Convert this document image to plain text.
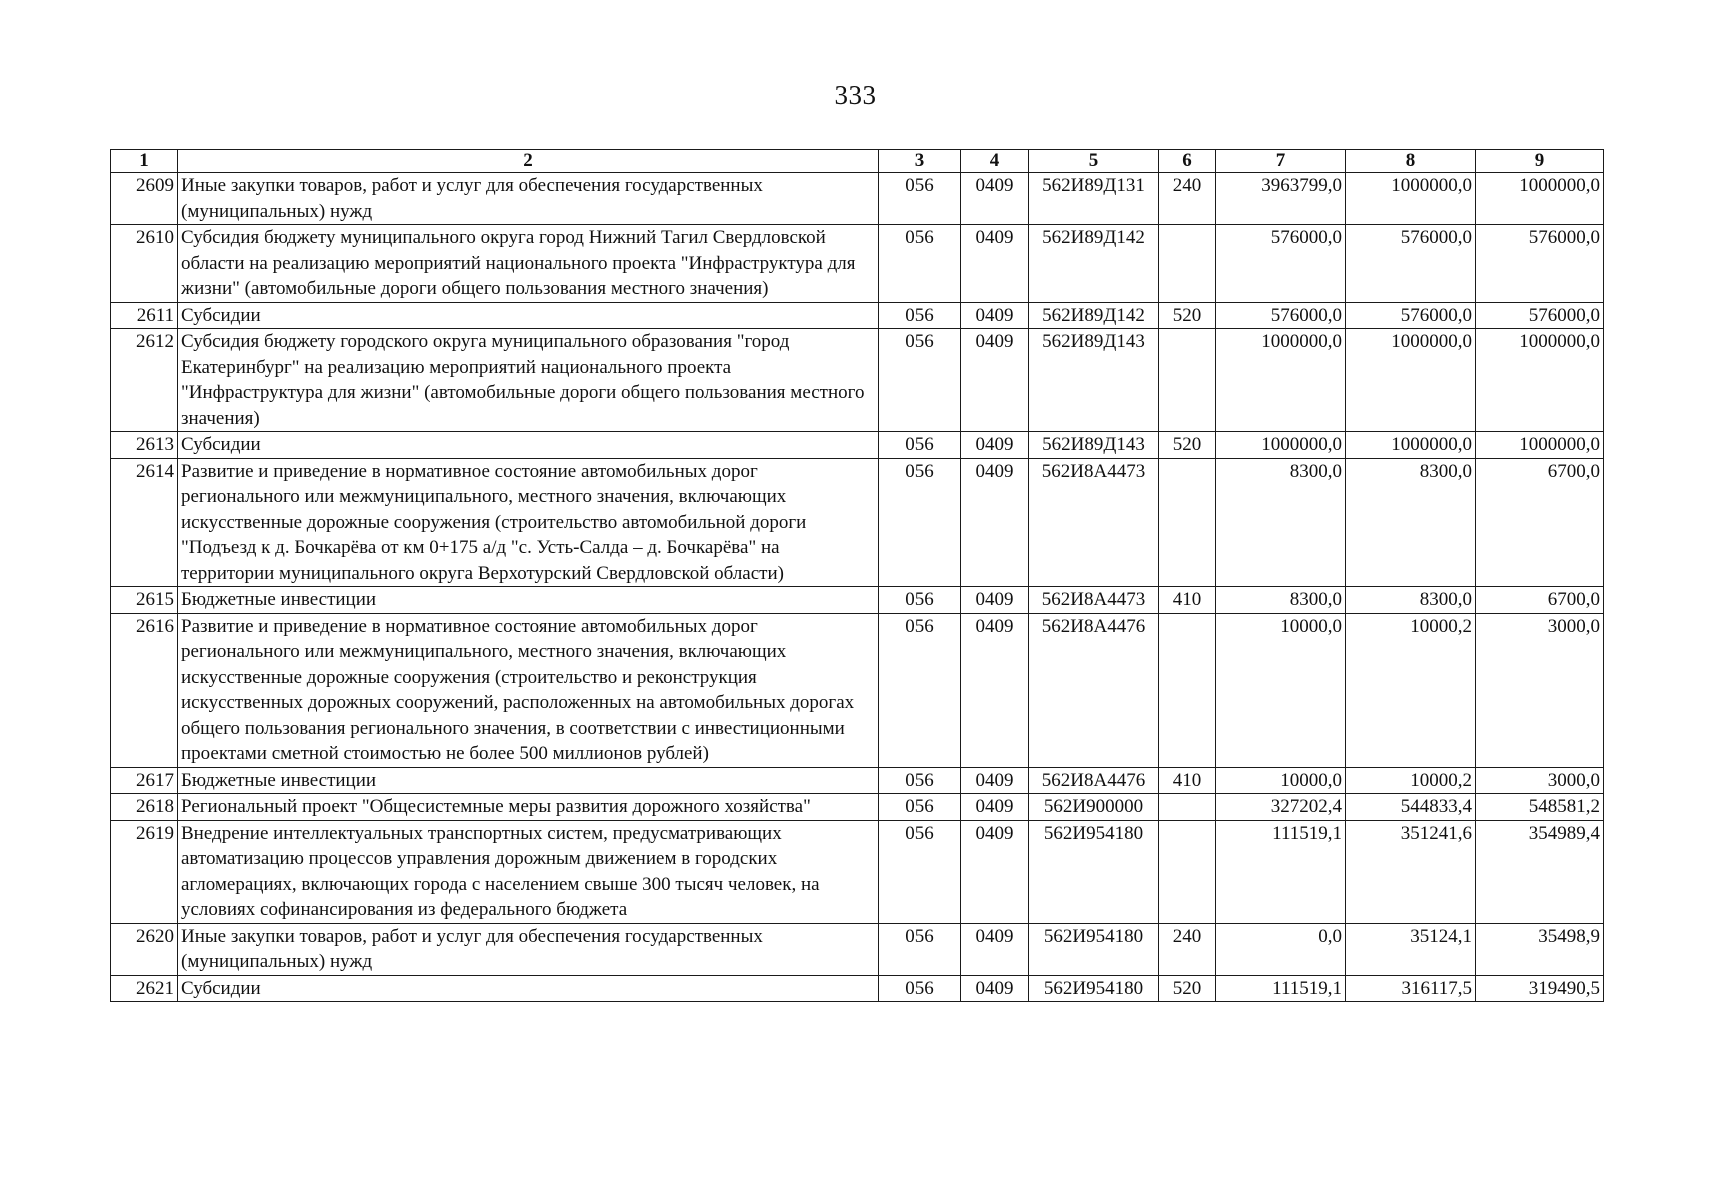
333
1	2	3	4	5	6	7	8	9
2609	Иные закупки товаров, работ и услуг для обеспечения государственных (муниципальных) нужд	056	0409	562И89Д131	240	3963799,0	1000000,0	1000000,0
2610	Субсидия бюджету муниципального округа город Нижний Тагил Свердловской области на реализацию мероприятий национального проекта "Инфраструктура для жизни" (автомобильные дороги общего пользования местного значения)	056	0409	562И89Д142		576000,0	576000,0	576000,0
2611	Субсидии	056	0409	562И89Д142	520	576000,0	576000,0	576000,0
2612	Субсидия бюджету городского округа муниципального образования "город Екатеринбург" на реализацию мероприятий национального проекта "Инфраструктура для жизни" (автомобильные дороги общего пользования местного значения)	056	0409	562И89Д143		1000000,0	1000000,0	1000000,0
2613	Субсидии	056	0409	562И89Д143	520	1000000,0	1000000,0	1000000,0
2614	Развитие и приведение в нормативное состояние автомобильных дорог регионального или межмуниципального, местного значения, включающих искусственные дорожные сооружения (строительство автомобильной дороги "Подъезд к д. Бочкарёва от км 0+175 а/д "с. Усть-Салда – д. Бочкарёва" на территории муниципального округа Верхотурский Свердловской области)	056	0409	562И8А4473		8300,0	8300,0	6700,0
2615	Бюджетные инвестиции	056	0409	562И8А4473	410	8300,0	8300,0	6700,0
2616	Развитие и приведение в нормативное состояние автомобильных дорог регионального или межмуниципального, местного значения, включающих искусственные дорожные сооружения (строительство и реконструкция искусственных дорожных сооружений, расположенных на автомобильных дорогах общего пользования регионального значения, в соответствии с инвестиционными проектами сметной стоимостью не более 500 миллионов рублей)	056	0409	562И8А4476		10000,0	10000,2	3000,0
2617	Бюджетные инвестиции	056	0409	562И8А4476	410	10000,0	10000,2	3000,0
2618	Региональный проект "Общесистемные меры развития дорожного хозяйства"	056	0409	562И900000		327202,4	544833,4	548581,2
2619	Внедрение интеллектуальных транспортных систем, предусматривающих автоматизацию процессов управления дорожным движением в городских агломерациях, включающих города с населением свыше 300 тысяч человек, на условиях софинансирования из федерального бюджета	056	0409	562И954180		111519,1	351241,6	354989,4
2620	Иные закупки товаров, работ и услуг для обеспечения государственных (муниципальных) нужд	056	0409	562И954180	240	0,0	35124,1	35498,9
2621	Субсидии	056	0409	562И954180	520	111519,1	316117,5	319490,5
